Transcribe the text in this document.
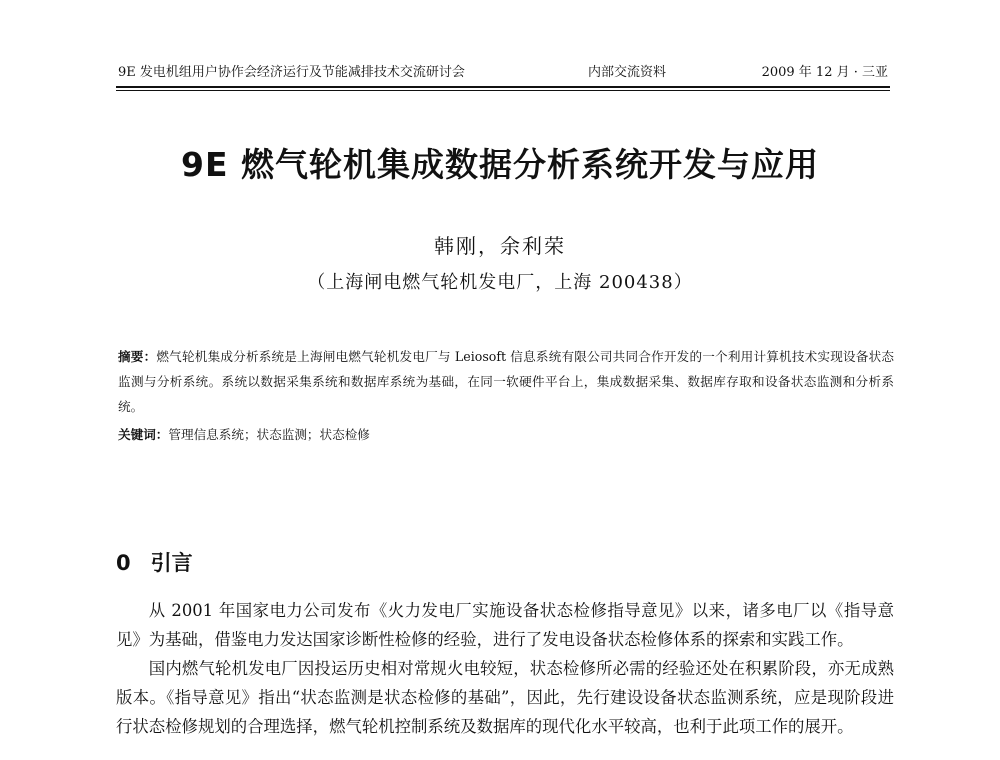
9E 发电机组用户协作会经济运行及节能减排技术交流研讨会	内部交流资料	2009 年 12 月 · 三亚
9E 燃气轮机集成数据分析系统开发与应用
韩刚，余利荣
（上海闸电燃气轮机发电厂，上海 200438）
摘要：燃气轮机集成分析系统是上海闸电燃气轮机发电厂与 Leiosoft 信息系统有限公司共同合作开发的一个利用计算机技术实现设备状态监测与分析系统。系统以数据采集系统和数据库系统为基础，在同一软硬件平台上，集成数据采集、数据库存取和设备状态监测和分析系统。
关键词：管理信息系统；状态监测；状态检修
0 引言

从 2001 年国家电力公司发布《火力发电厂实施设备状态检修指导意见》以来，诸多电厂以《指导意见》为基础，借鉴电力发达国家诊断性检修的经验，进行了发电设备状态检修体系的探索和实践工作。

国内燃气轮机发电厂因投运历史相对常规火电较短，状态检修所必需的经验还处在积累阶段，亦无成熟版本。《指导意见》指出“状态监测是状态检修的基础”，因此，先行建设设备状态监测系统，应是现阶段进行状态检修规划的合理选择，燃气轮机控制系统及数据库的现代化水平较高，也利于此项工作的展开。
